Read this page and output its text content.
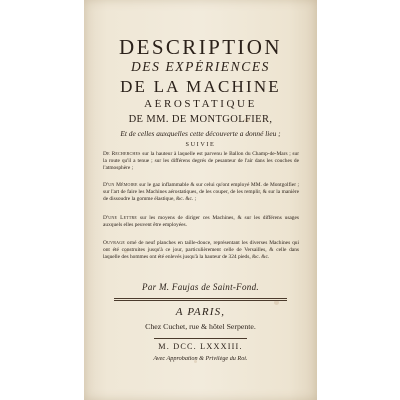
DESCRIPTION
DES EXPÉRIENCES
DE LA MACHINE
AÉROSTATIQUE
DE MM. DE MONTGOLFIER,
Et de celles auxquelles cette découverte a donné lieu ;
SUIVIE
De Recherches sur la hauteur à laquelle est parvenu le Ballon du Champ-de-Mars ; sur la route qu'il a tenue ; sur les différens degrés de pesanteur de l'air dans les couches de l'atmosphère ;
D'un Mémoire sur le gaz inflammable & sur celui qu'ont employé MM. de Montgolfier ; sur l'art de faire les Machines aérostatiques, de les couper, de les remplir, & sur la manière de dissoudre la gomme élastique, &c. &c. ;
D'une Lettre sur les moyens de diriger ces Machines, & sur les différens usages auxquels elles peuvent être employées.
Ouvrage orné de neuf planches en taille-douce, représentant les diverses Machines qui ont été construites jusqu'à ce jour, particulièrement celle de Versailles, & celle dans laquelle des hommes ont été enlevés jusqu'à la hauteur de 324 pieds, &c. &c.
Par M. Faujas de Saint-Fond.
A PARIS,
Chez Cuchet, rue & hôtel Serpente.
M. DCC. LXXXIII.
Avec Approbation & Privilége du Roi.
